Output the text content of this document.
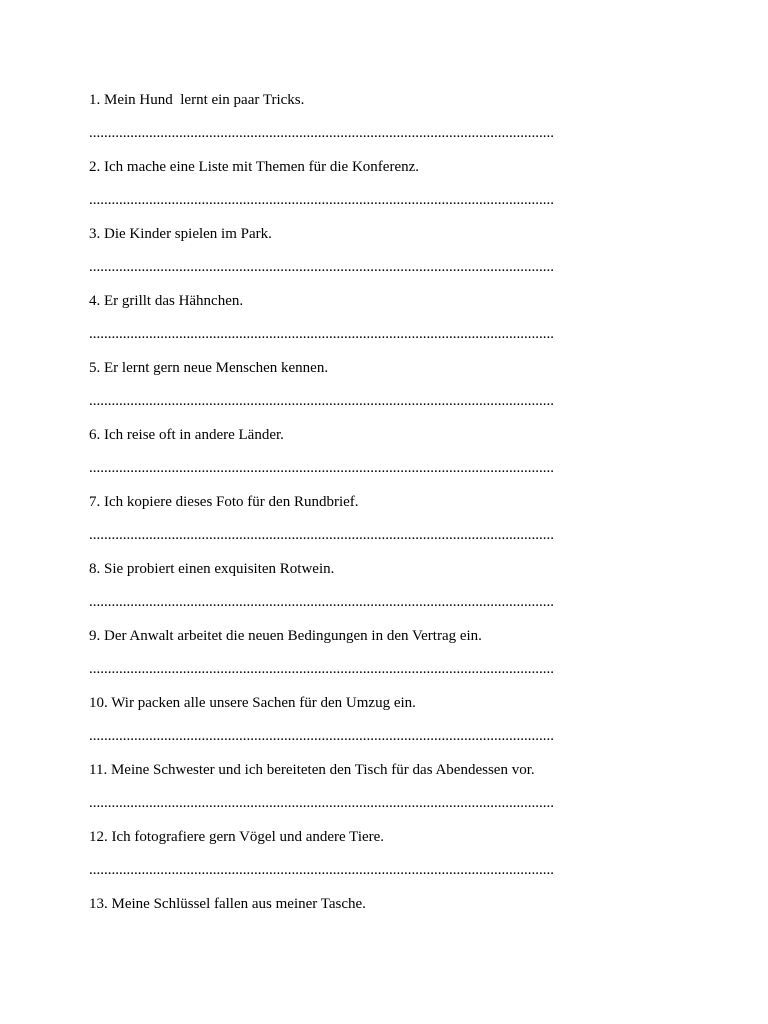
1. Mein Hund  lernt ein paar Tricks.
............................................................................................................................
2. Ich mache eine Liste mit Themen für die Konferenz.
............................................................................................................................
3. Die Kinder spielen im Park.
............................................................................................................................
4. Er grillt das Hähnchen.
............................................................................................................................
5. Er lernt gern neue Menschen kennen.
............................................................................................................................
6. Ich reise oft in andere Länder.
............................................................................................................................
7. Ich kopiere dieses Foto für den Rundbrief.
............................................................................................................................
8. Sie probiert einen exquisiten Rotwein.
............................................................................................................................
9. Der Anwalt arbeitet die neuen Bedingungen in den Vertrag ein.
............................................................................................................................
10. Wir packen alle unsere Sachen für den Umzug ein.
............................................................................................................................
11. Meine Schwester und ich bereiteten den Tisch für das Abendessen vor.
............................................................................................................................
12. Ich fotografiere gern Vögel und andere Tiere.
............................................................................................................................
13. Meine Schlüssel fallen aus meiner Tasche.
